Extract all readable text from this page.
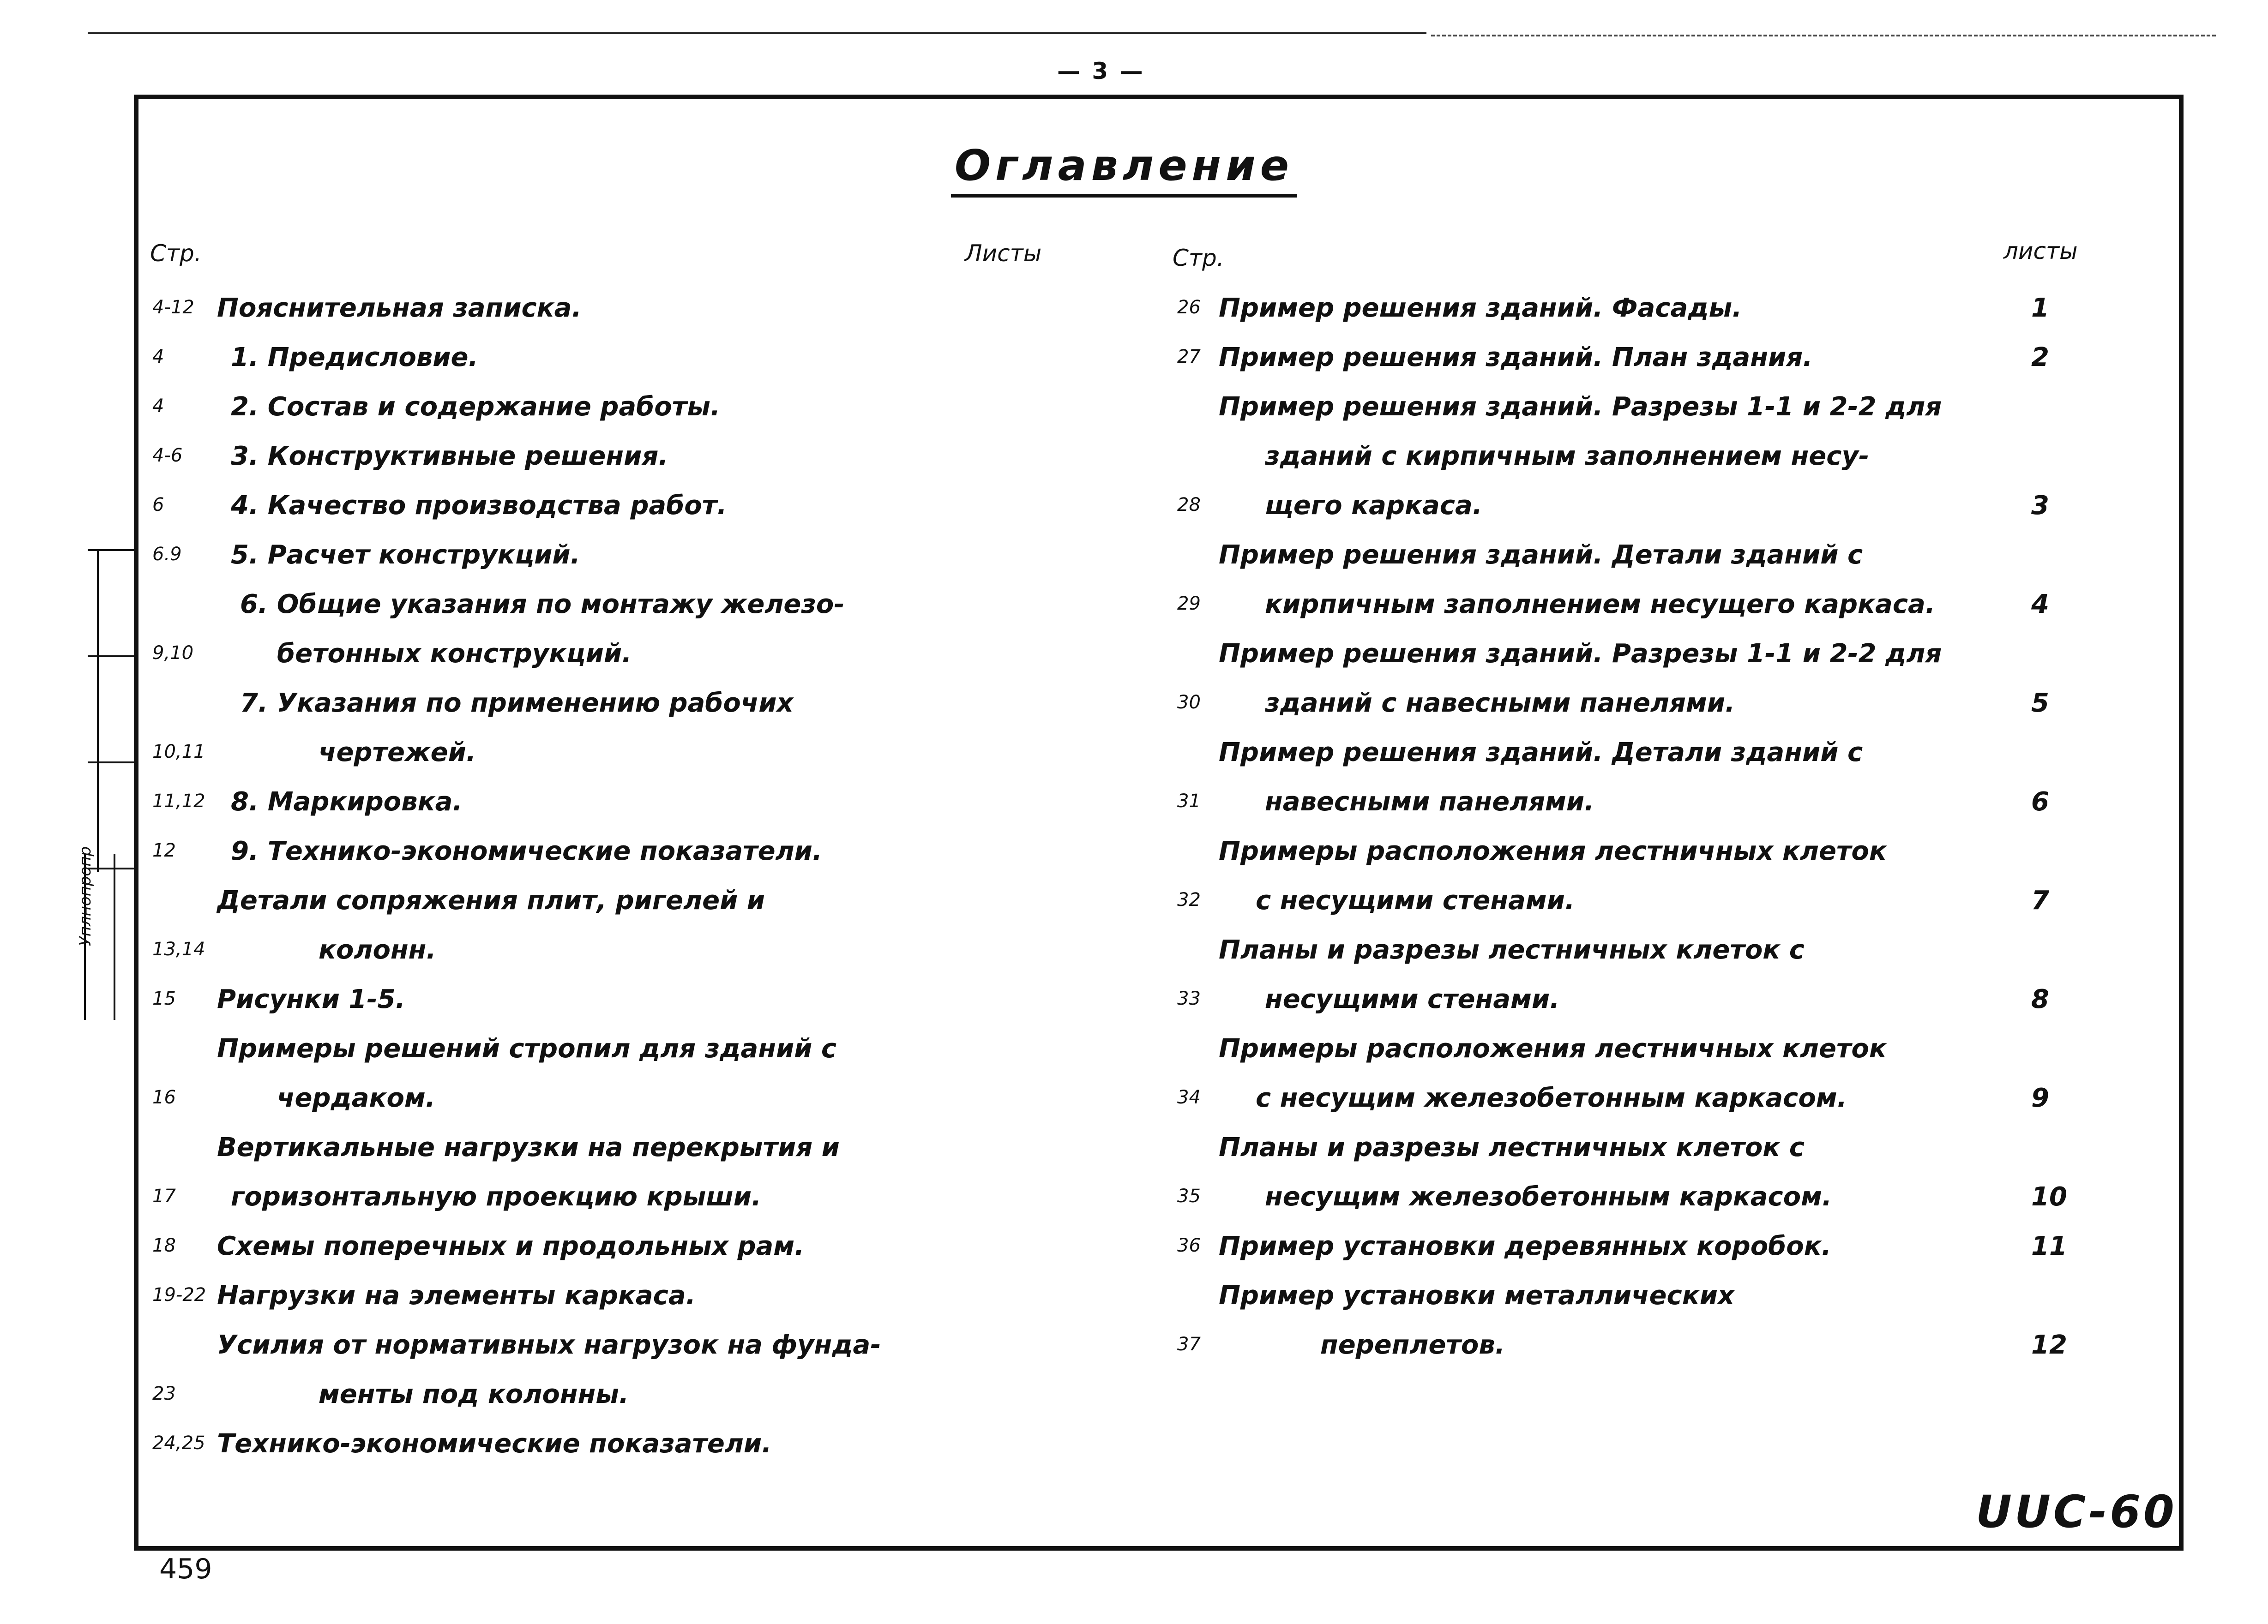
— 3 —
Оглавление
Стр.	Листы	Стр.	листы
4-12 Пояснительная записка.
4	1. Предисловие.
4	2. Состав и содержание работы.
4-6 3. Конструктивные решения.
6	4. Качество производства работ.
6.9 5. Расчет конструкций.
6. Общие указания по монтажу железо-
9,10	бетонных конструкций.
7. Указания по применению рабочих
10,11	чертежей.
11,12 8. Маркировка.
12 9. Технико-экономические показатели.
Детали сопряжения плит, ригелей и
13,14	колонн.
15 Рисунки 1-5.
Примеры решений стропил для зданий с
16	чердаком.
Вертикальные нагрузки на перекрытия и
17 горизонтальную проекцию крыши.
18 Схемы поперечных и продольных рам.
19-22 Нагрузки на элементы каркаса.
Усилия от нормативных нагрузок на фунда-
23	менты под колонны.
24,25 Технико-экономические показатели.
26 Пример решения зданий. Фасады.	1
27 Пример решения зданий. План здания.	2
Пример решения зданий. Разрезы 1-1 и 2-2 для
зданий с кирпичным заполнением несу-
28 щего каркаса.	3
Пример решения зданий. Детали зданий с
29 кирпичным заполнением несущего каркаса.	4
Пример решения зданий. Разрезы 1-1 и 2-2 для
30 зданий с навесными панелями.	5
Пример решения зданий. Детали зданий с
31 навесными панелями.	6
Примеры расположения лестничных клеток
32 с несущими стенами.	7
Планы и разрезы лестничных клеток с
33 несущими стенами.	8
Примеры расположения лестничных клеток
34 с несущим железобетонным каркасом.	9
Планы и разрезы лестничных клеток с
35 несущим железобетонным каркасом.	10
36 Пример установки деревянных коробок.	11
Пример установки металлических
37	переплетов.	12
Уплнопропр
UUC-60
459
